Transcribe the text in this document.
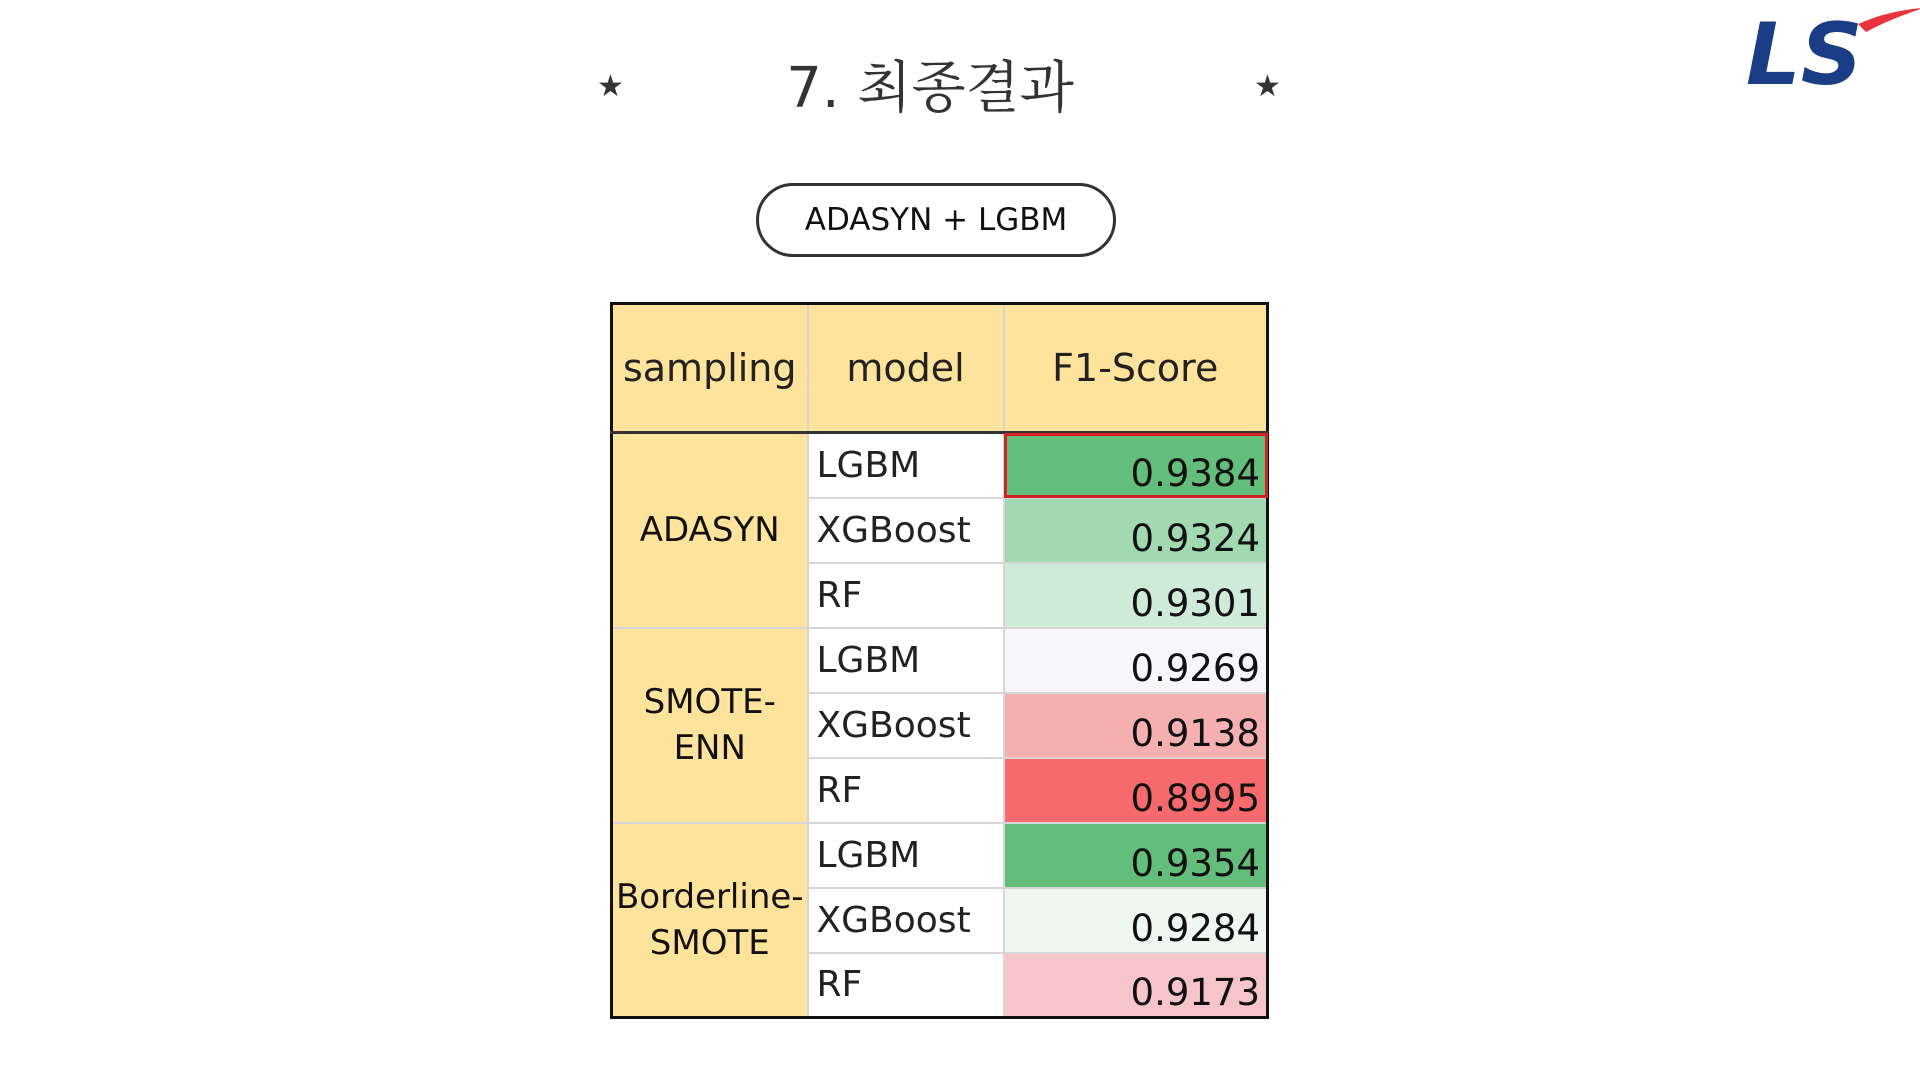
LS
★	7. 최종결과	★
ADASYN + LGBM
sampling	model	F1-Score
ADASYN	LGBM	0.9384
	XGBoost	0.9324
	RF	0.9301
SMOTE-
ENN	LGBM	0.9269
	XGBoost	0.9138
	RF	0.8995
Borderline-
SMOTE	LGBM	0.9354
	XGBoost	0.9284
	RF	0.9173
